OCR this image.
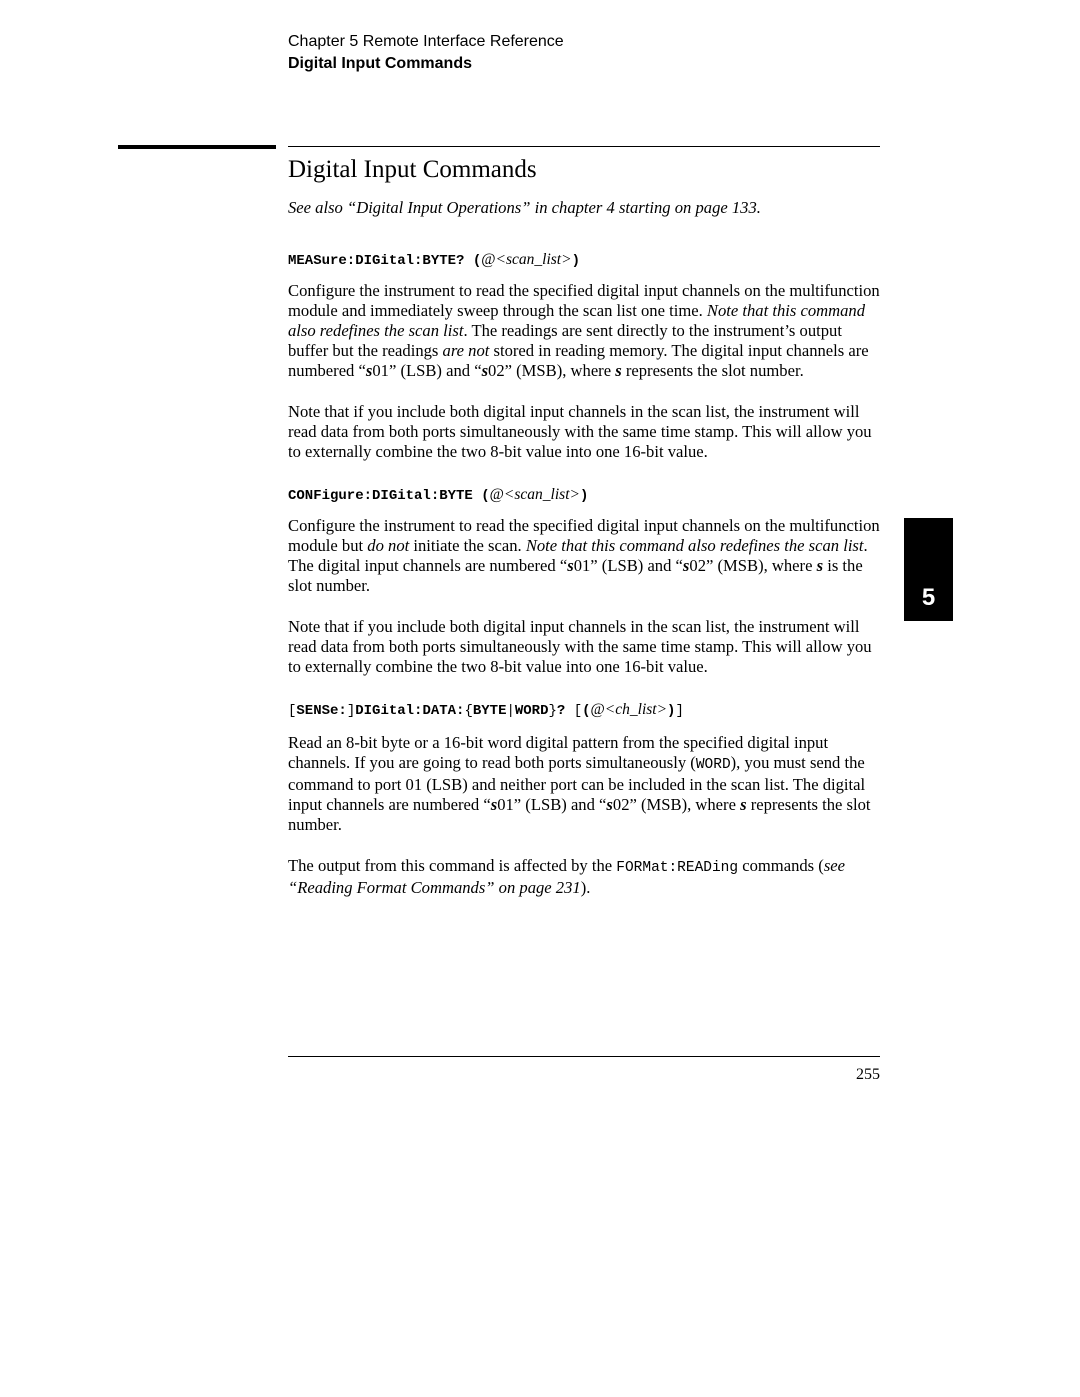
Chapter 5 Remote Interface Reference
Digital Input Commands
Digital Input Commands

See also “Digital Input Operations” in chapter 4 starting on page 133.

MEASure:DIGital:BYTE? (@<scan_list>)

Configure the instrument to read the specified digital input channels on the multifunction module and immediately sweep through the scan list one time. Note that this command also redefines the scan list. The readings are sent directly to the instrument’s output buffer but the readings are not stored in reading memory. The digital input channels are numbered “s01” (LSB) and “s02” (MSB), where s represents the slot number.

Note that if you include both digital input channels in the scan list, the instrument will read data from both ports simultaneously with the same time stamp. This will allow you to externally combine the two 8-bit value into one 16-bit value.

CONFigure:DIGital:BYTE (@<scan_list>)

Configure the instrument to read the specified digital input channels on the multifunction module but do not initiate the scan. Note that this command also redefines the scan list. The digital input channels are numbered “s01” (LSB) and “s02” (MSB), where s is the slot number.

Note that if you include both digital input channels in the scan list, the instrument will read data from both ports simultaneously with the same time stamp. This will allow you to externally combine the two 8-bit value into one 16-bit value.

[SENSe:]DIGital:DATA:{BYTE|WORD}? [(@<ch_list>)]

Read an 8-bit byte or a 16-bit word digital pattern from the specified digital input channels. If you are going to read both ports simultaneously (WORD), you must send the command to port 01 (LSB) and neither port can be included in the scan list. The digital input channels are numbered “s01” (LSB) and “s02” (MSB), where s represents the slot number.

The output from this command is affected by the FORMat:READing commands (see “Reading Format Commands” on page 231).

255
5
